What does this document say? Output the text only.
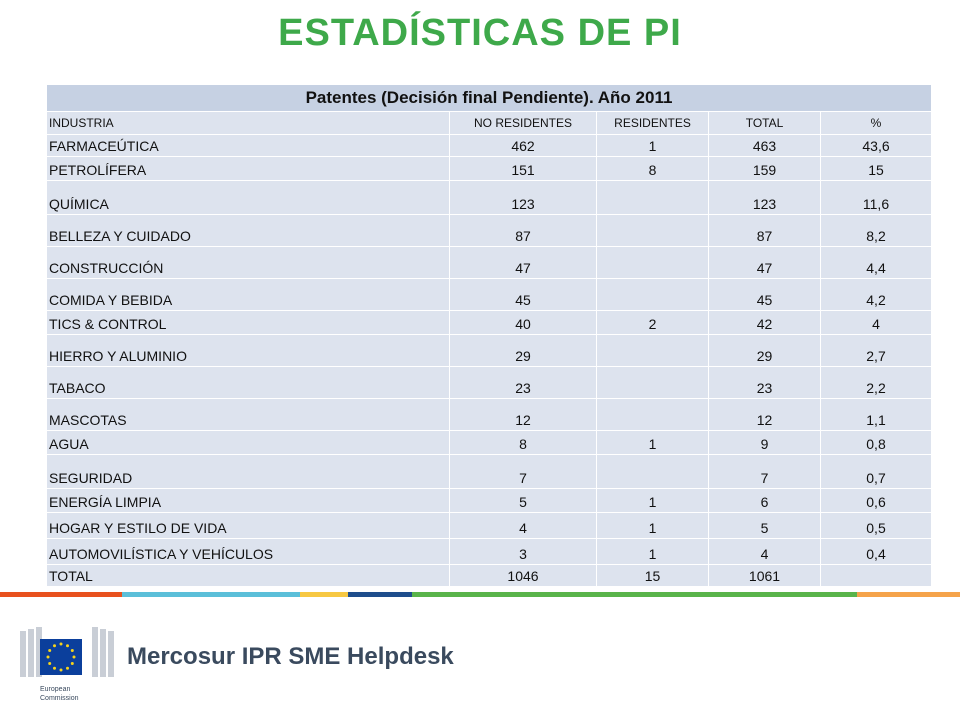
ESTADÍSTICAS DE PI
Patentes (Decisión final Pendiente). Año 2011				
INDUSTRIA	NO RESIDENTES	RESIDENTES	TOTAL	%
FARMACEÚTICA	462	1	463	43,6
PETROLÍFERA	151	8	159	15
QUÍMICA	123		123	11,6
BELLEZA Y CUIDADO	87		87	8,2
CONSTRUCCIÓN	47		47	4,4
COMIDA Y BEBIDA	45		45	4,2
TICS & CONTROL	40	2	42	4
HIERRO Y ALUMINIO	29		29	2,7
TABACO	23		23	2,2
MASCOTAS	12		12	1,1
AGUA	8	1	9	0,8
SEGURIDAD	7		7	0,7
ENERGÍA LIMPIA	5	1	6	0,6
HOGAR Y ESTILO DE VIDA	4	1	5	0,5
AUTOMOVILÍSTICA Y VEHÍCULOS	3	1	4	0,4
TOTAL	1046	15	1061	
European
Commission
Mercosur IPR SME Helpdesk
